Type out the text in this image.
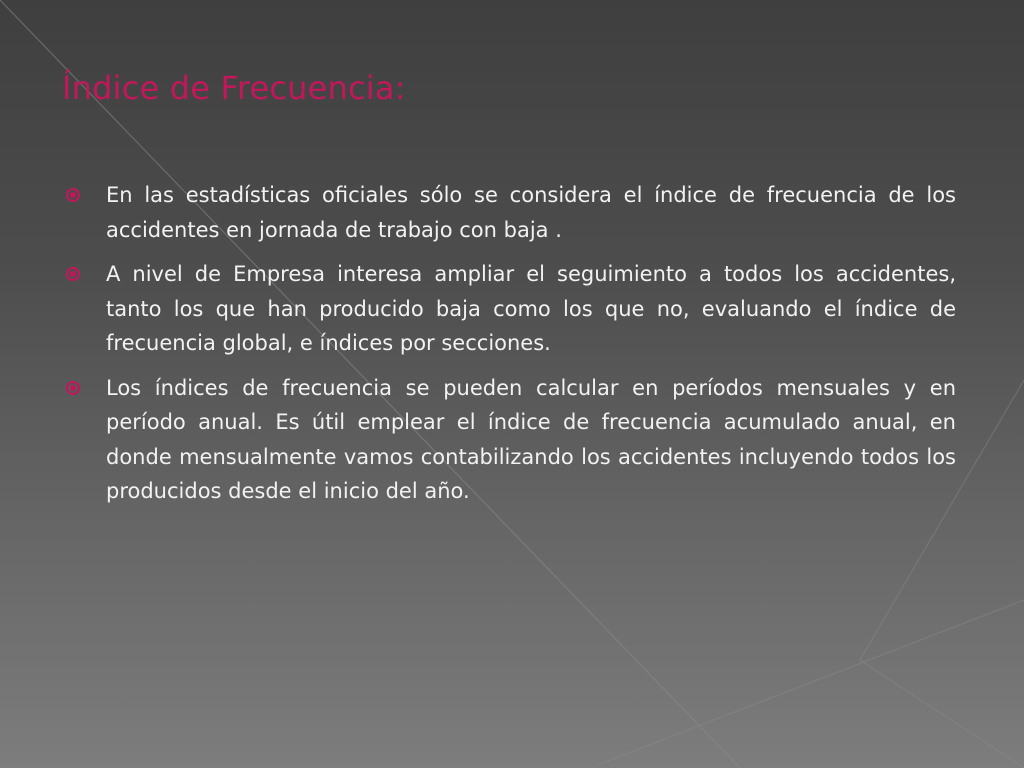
Índice de Frecuencia:
En las estadísticas oficiales sólo se considera el índice de frecuencia de los accidentes en jornada de trabajo con baja .
A nivel de Empresa interesa ampliar el seguimiento a todos los accidentes, tanto los que han producido baja como los que no, evaluando el índice de frecuencia global, e índices por secciones.
Los índices de frecuencia se pueden calcular en períodos mensuales y en período anual. Es útil emplear el índice de frecuencia acumulado anual, en donde mensualmente vamos contabilizando los accidentes incluyendo todos los producidos desde el inicio del año.
